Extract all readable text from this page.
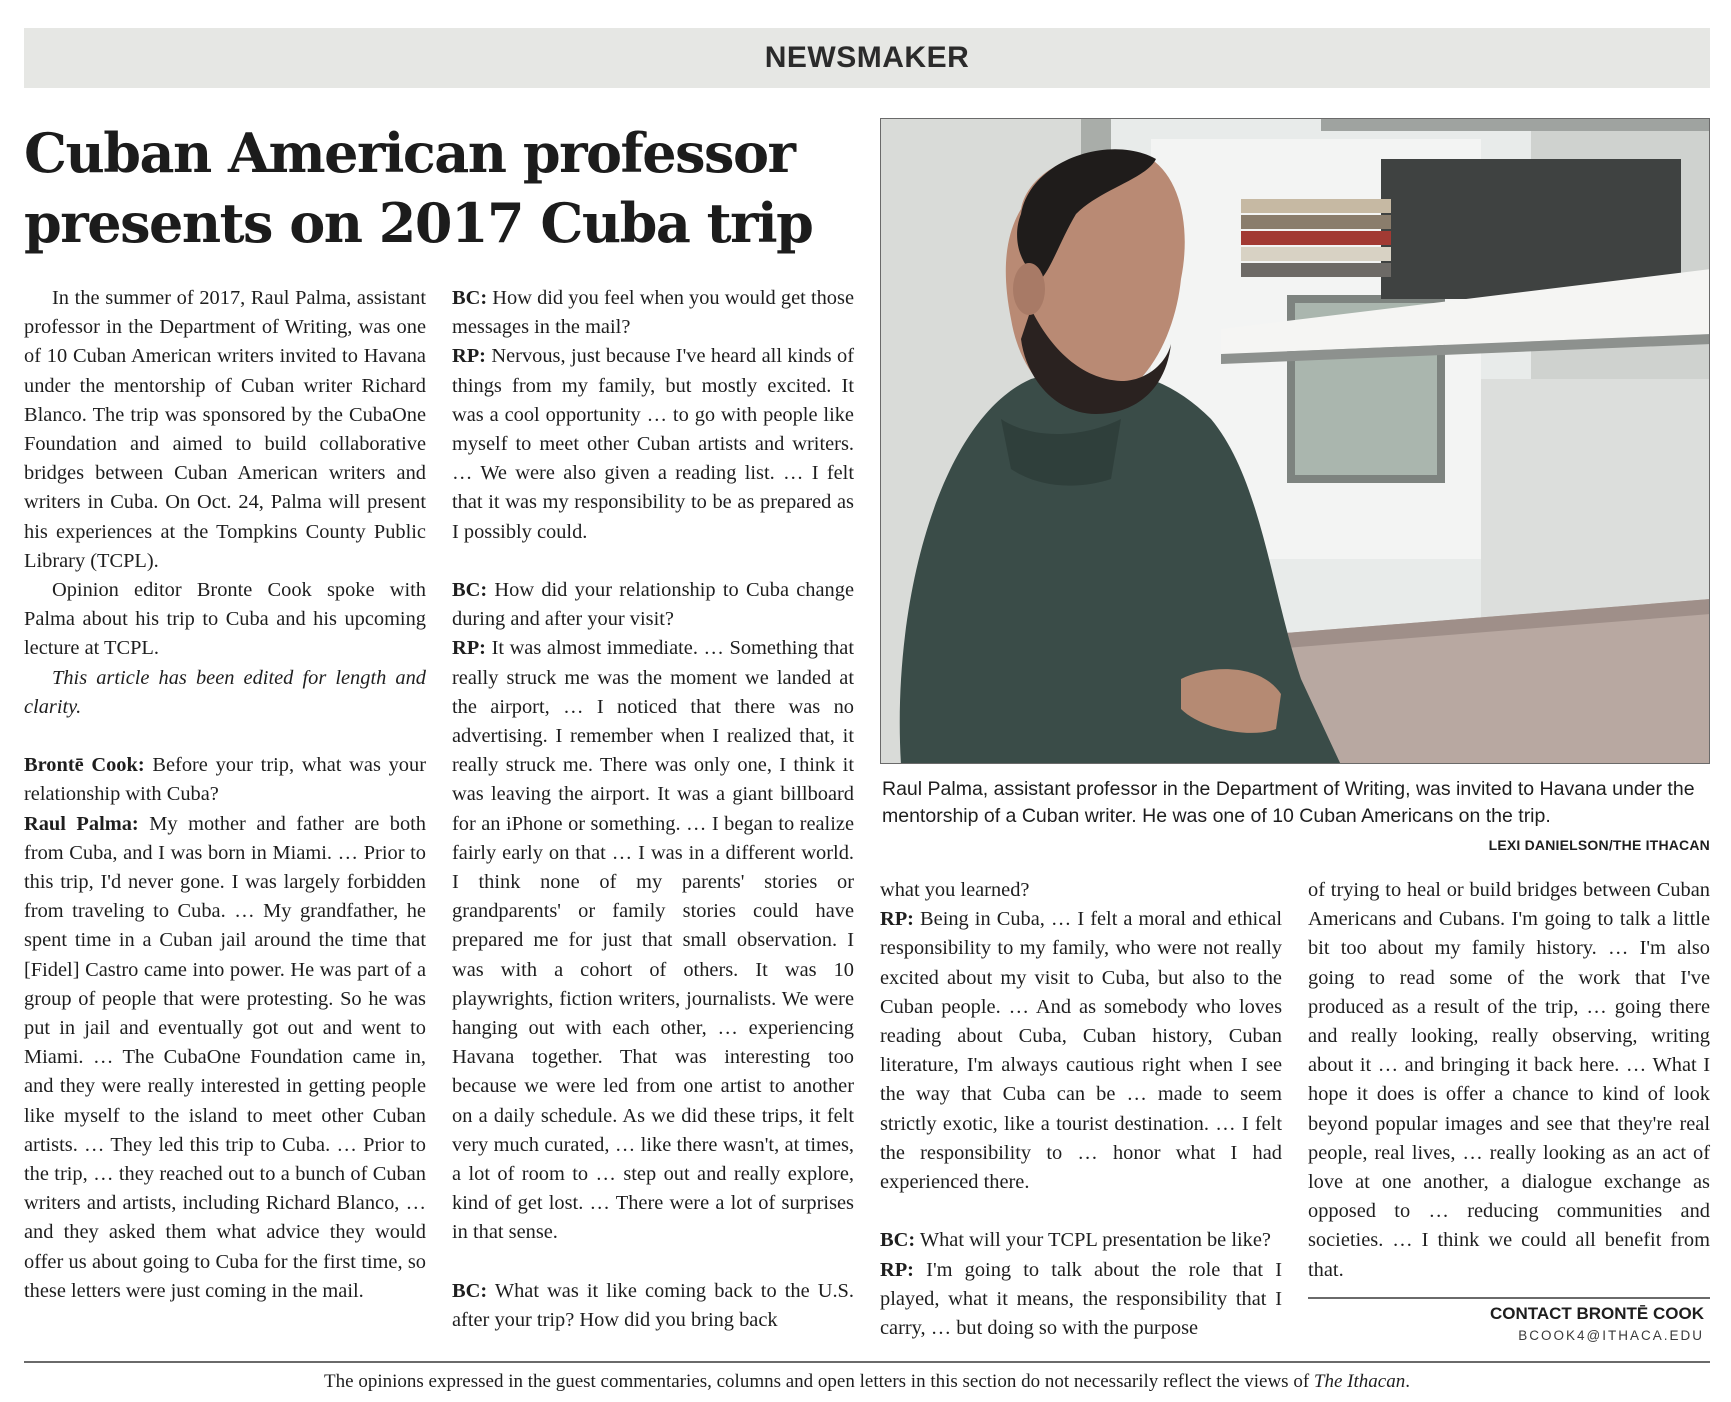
NEWSMAKER
Cuban American professor presents on 2017 Cuba trip

In the summer of 2017, Raul Palma, assistant professor in the Department of Writing, was one of 10 Cuban American writers invited to Havana under the mentorship of Cuban writer Richard Blanco. The trip was sponsored by the CubaOne Foundation and aimed to build collaborative bridges between Cuban American writers and writers in Cuba. On Oct. 24, Palma will present his experiences at the Tompkins County Public Library (TCPL).

Opinion editor Bronte Cook spoke with Palma about his trip to Cuba and his upcoming lecture at TCPL.

This article has been edited for length and clarity.

Brontē Cook: Before your trip, what was your relationship with Cuba?

Raul Palma: My mother and father are both from Cuba, and I was born in Miami. … Prior to this trip, I'd never gone. I was largely forbidden from traveling to Cuba. … My grandfather, he spent time in a Cuban jail around the time that [Fidel] Castro came into power. He was part of a group of people that were protesting. So he was put in jail and eventually got out and went to Miami. … The CubaOne Foundation came in, and they were really interested in getting people like myself to the island to meet other Cuban artists. … They led this trip to Cuba. … Prior to the trip, … they reached out to a bunch of Cuban writers and artists, including Richard Blanco, … and they asked them what advice they would offer us about going to Cuba for the first time, so these letters were just coming in the mail.

BC: How did you feel when you would get those messages in the mail?

RP: Nervous, just because I've heard all kinds of things from my family, but mostly excited. It was a cool opportunity … to go with people like myself to meet other Cuban artists and writers. … We were also given a reading list. … I felt that it was my responsibility to be as prepared as I possibly could.

BC: How did your relationship to Cuba change during and after your visit?

RP: It was almost immediate. … Something that really struck me was the moment we landed at the airport, … I noticed that there was no advertising. I remember when I realized that, it really struck me. There was only one, I think it was leaving the airport. It was a giant billboard for an iPhone or something. … I began to realize fairly early on that … I was in a different world. I think none of my parents' stories or grandparents' or family stories could have prepared me for just that small observation. I was with a cohort of others. It was 10 playwrights, fiction writers, journalists. We were hanging out with each other, … experiencing Havana together. That was interesting too because we were led from one artist to another on a daily schedule. As we did these trips, it felt very much curated, … like there wasn't, at times, a lot of room to … step out and really explore, kind of get lost. … There were a lot of surprises in that sense.

BC: What was it like coming back to the U.S. after your trip? How did you bring back

Raul Palma, assistant professor in the Department of Writing, was invited to Havana under the mentorship of a Cuban writer. He was one of 10 Cuban Americans on the trip.
LEXI DANIELSON/THE ITHACAN

what you learned?

RP: Being in Cuba, … I felt a moral and ethical responsibility to my family, who were not really excited about my visit to Cuba, but also to the Cuban people. … And as somebody who loves reading about Cuba, Cuban history, Cuban literature, I'm always cautious right when I see the way that Cuba can be … made to seem strictly exotic, like a tourist destination. … I felt the responsibility to … honor what I had experienced there.

BC: What will your TCPL presentation be like?

RP: I'm going to talk about the role that I played, what it means, the responsibility that I carry, … but doing so with the purpose

of trying to heal or build bridges between Cuban Americans and Cubans. I'm going to talk a little bit too about my family history. … I'm also going to read some of the work that I've produced as a result of the trip, … going there and really looking, really observing, writing about it … and bringing it back here. … What I hope it does is offer a chance to kind of look beyond popular images and see that they're real people, real lives, … really looking as an act of love at one another, a dialogue exchange as opposed to … reducing communities and societies. … I think we could all benefit from that.

CONTACT BRONTĒ COOK
BCOOK4@ITHACA.EDU
The opinions expressed in the guest commentaries, columns and open letters in this section do not necessarily reflect the views of The Ithacan.
